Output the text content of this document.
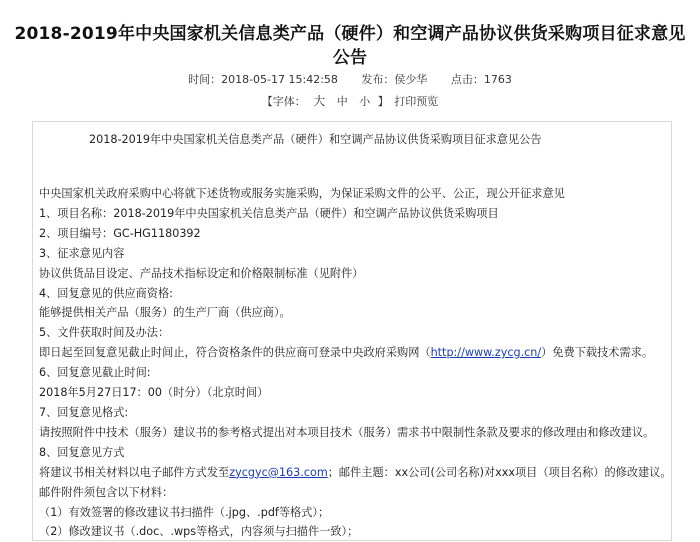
2018-2019年中央国家机关信息类产品（硬件）和空调产品协议供货采购项目征求意见公告
时间：2018-05-17 15:42:58 发布：侯少华 点击：1763
【字体： 大 中 小 】 打印预览
2018-2019年中央国家机关信息类产品（硬件）和空调产品协议供货采购项目征求意见公告

中央国家机关政府采购中心将就下述货物或服务实施采购，为保证采购文件的公平、公正，现公开征求意见

1、项目名称：2018-2019年中央国家机关信息类产品（硬件）和空调产品协议供货采购项目

2、项目编号：GC-HG1180392

3、征求意见内容

协议供货品目设定、产品技术指标设定和价格限制标准（见附件）

4、回复意见的供应商资格:

能够提供相关产品（服务）的生产厂商（供应商）。

5、文件获取时间及办法：

即日起至回复意见截止时间止，符合资格条件的供应商可登录中央政府采购网（http://www.zycg.cn/）免费下载技术需求。

6、回复意见截止时间:

2018年5月27日17：00（时分）（北京时间）

7、回复意见格式:

请按照附件中技术（服务）建议书的参考格式提出对本项目技术（服务）需求书中限制性条款及要求的修改理由和修改建议。

8、回复意见方式

将建议书相关材料以电子邮件方式发至zycgyc@163.com；邮件主题：xx公司(公司名称)对xxx项目（项目名称）的修改建议。

邮件附件须包含以下材料：

（1）有效签署的修改建议书扫描件（.jpg、.pdf等格式）；

（2）修改建议书（.doc、.wps等格式，内容须与扫描件一致）；
